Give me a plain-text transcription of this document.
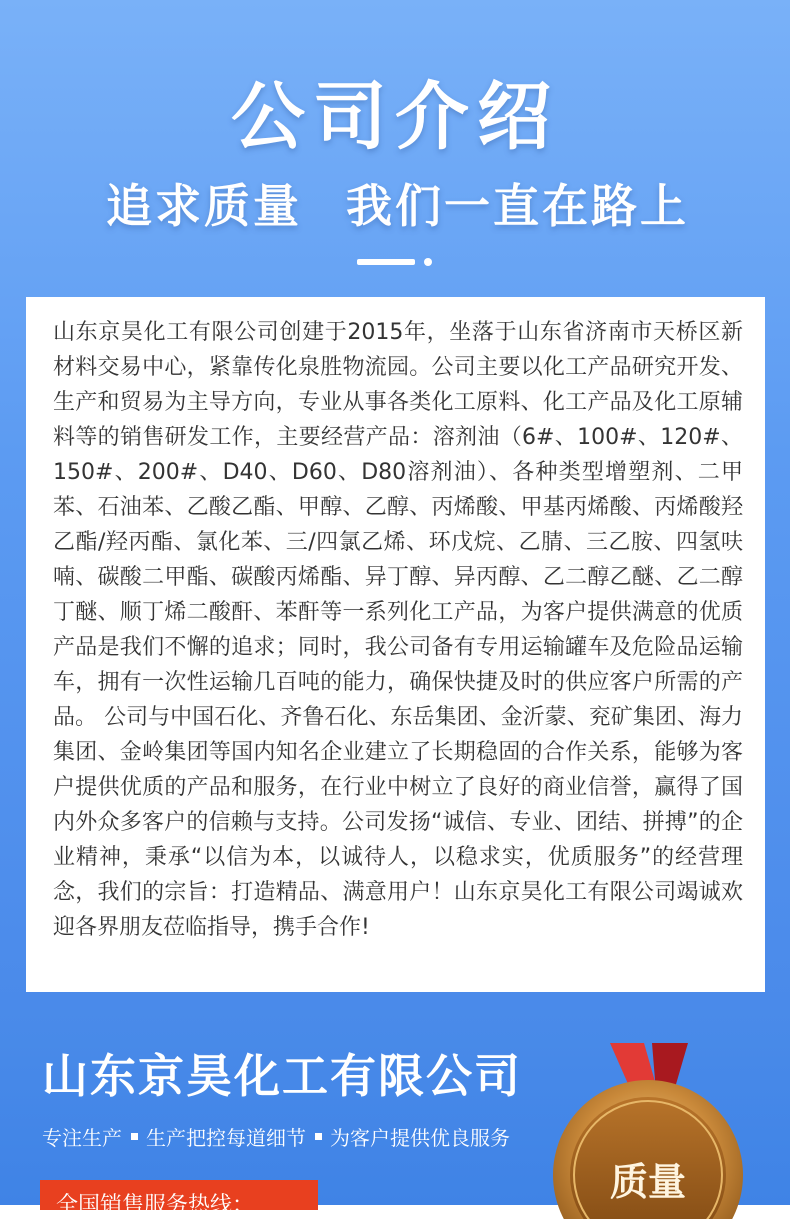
公司介绍
追求质量 我们一直在路上

山东京昊化工有限公司创建于2015年，坐落于山东省济南市天桥区新材料交易中心，紧靠传化泉胜物流园。公司主要以化工产品研究开发、生产和贸易为主导方向，专业从事各类化工原料、化工产品及化工原辅料等的销售研发工作，主要经营产品：溶剂油（6#、100#、120#、150#、200#、D40、D60、D80溶剂油）、各种类型增塑剂、二甲苯、石油苯、乙酸乙酯、甲醇、乙醇、丙烯酸、甲基丙烯酸、丙烯酸羟乙酯/羟丙酯、氯化苯、三/四氯乙烯、环戊烷、乙腈、三乙胺、四氢呋喃、碳酸二甲酯、碳酸丙烯酯、异丁醇、异丙醇、乙二醇乙醚、乙二醇丁醚、顺丁烯二酸酐、苯酐等一系列化工产品，为客户提供满意的优质产品是我们不懈的追求；同时，我公司备有专用运输罐车及危险品运输车，拥有一次性运输几百吨的能力，确保快捷及时的供应客户所需的产品。 公司与中国石化、齐鲁石化、东岳集团、金沂蒙、兖矿集团、海力集团、金岭集团等国内知名企业建立了长期稳固的合作关系，能够为客户提供优质的产品和服务，在行业中树立了良好的商业信誉，赢得了国内外众多客户的信赖与支持。公司发扬“诚信、专业、团结、拼搏”的企业精神，秉承“以信为本，以诚待人，以稳求实，优质服务”的经营理念，我们的宗旨：打造精品、满意用户！山东京昊化工有限公司竭诚欢迎各界朋友莅临指导，携手合作!

山东京昊化工有限公司
专注生产 生产把控每道细节 为客户提供优良服务
全国销售服务热线：
质量
